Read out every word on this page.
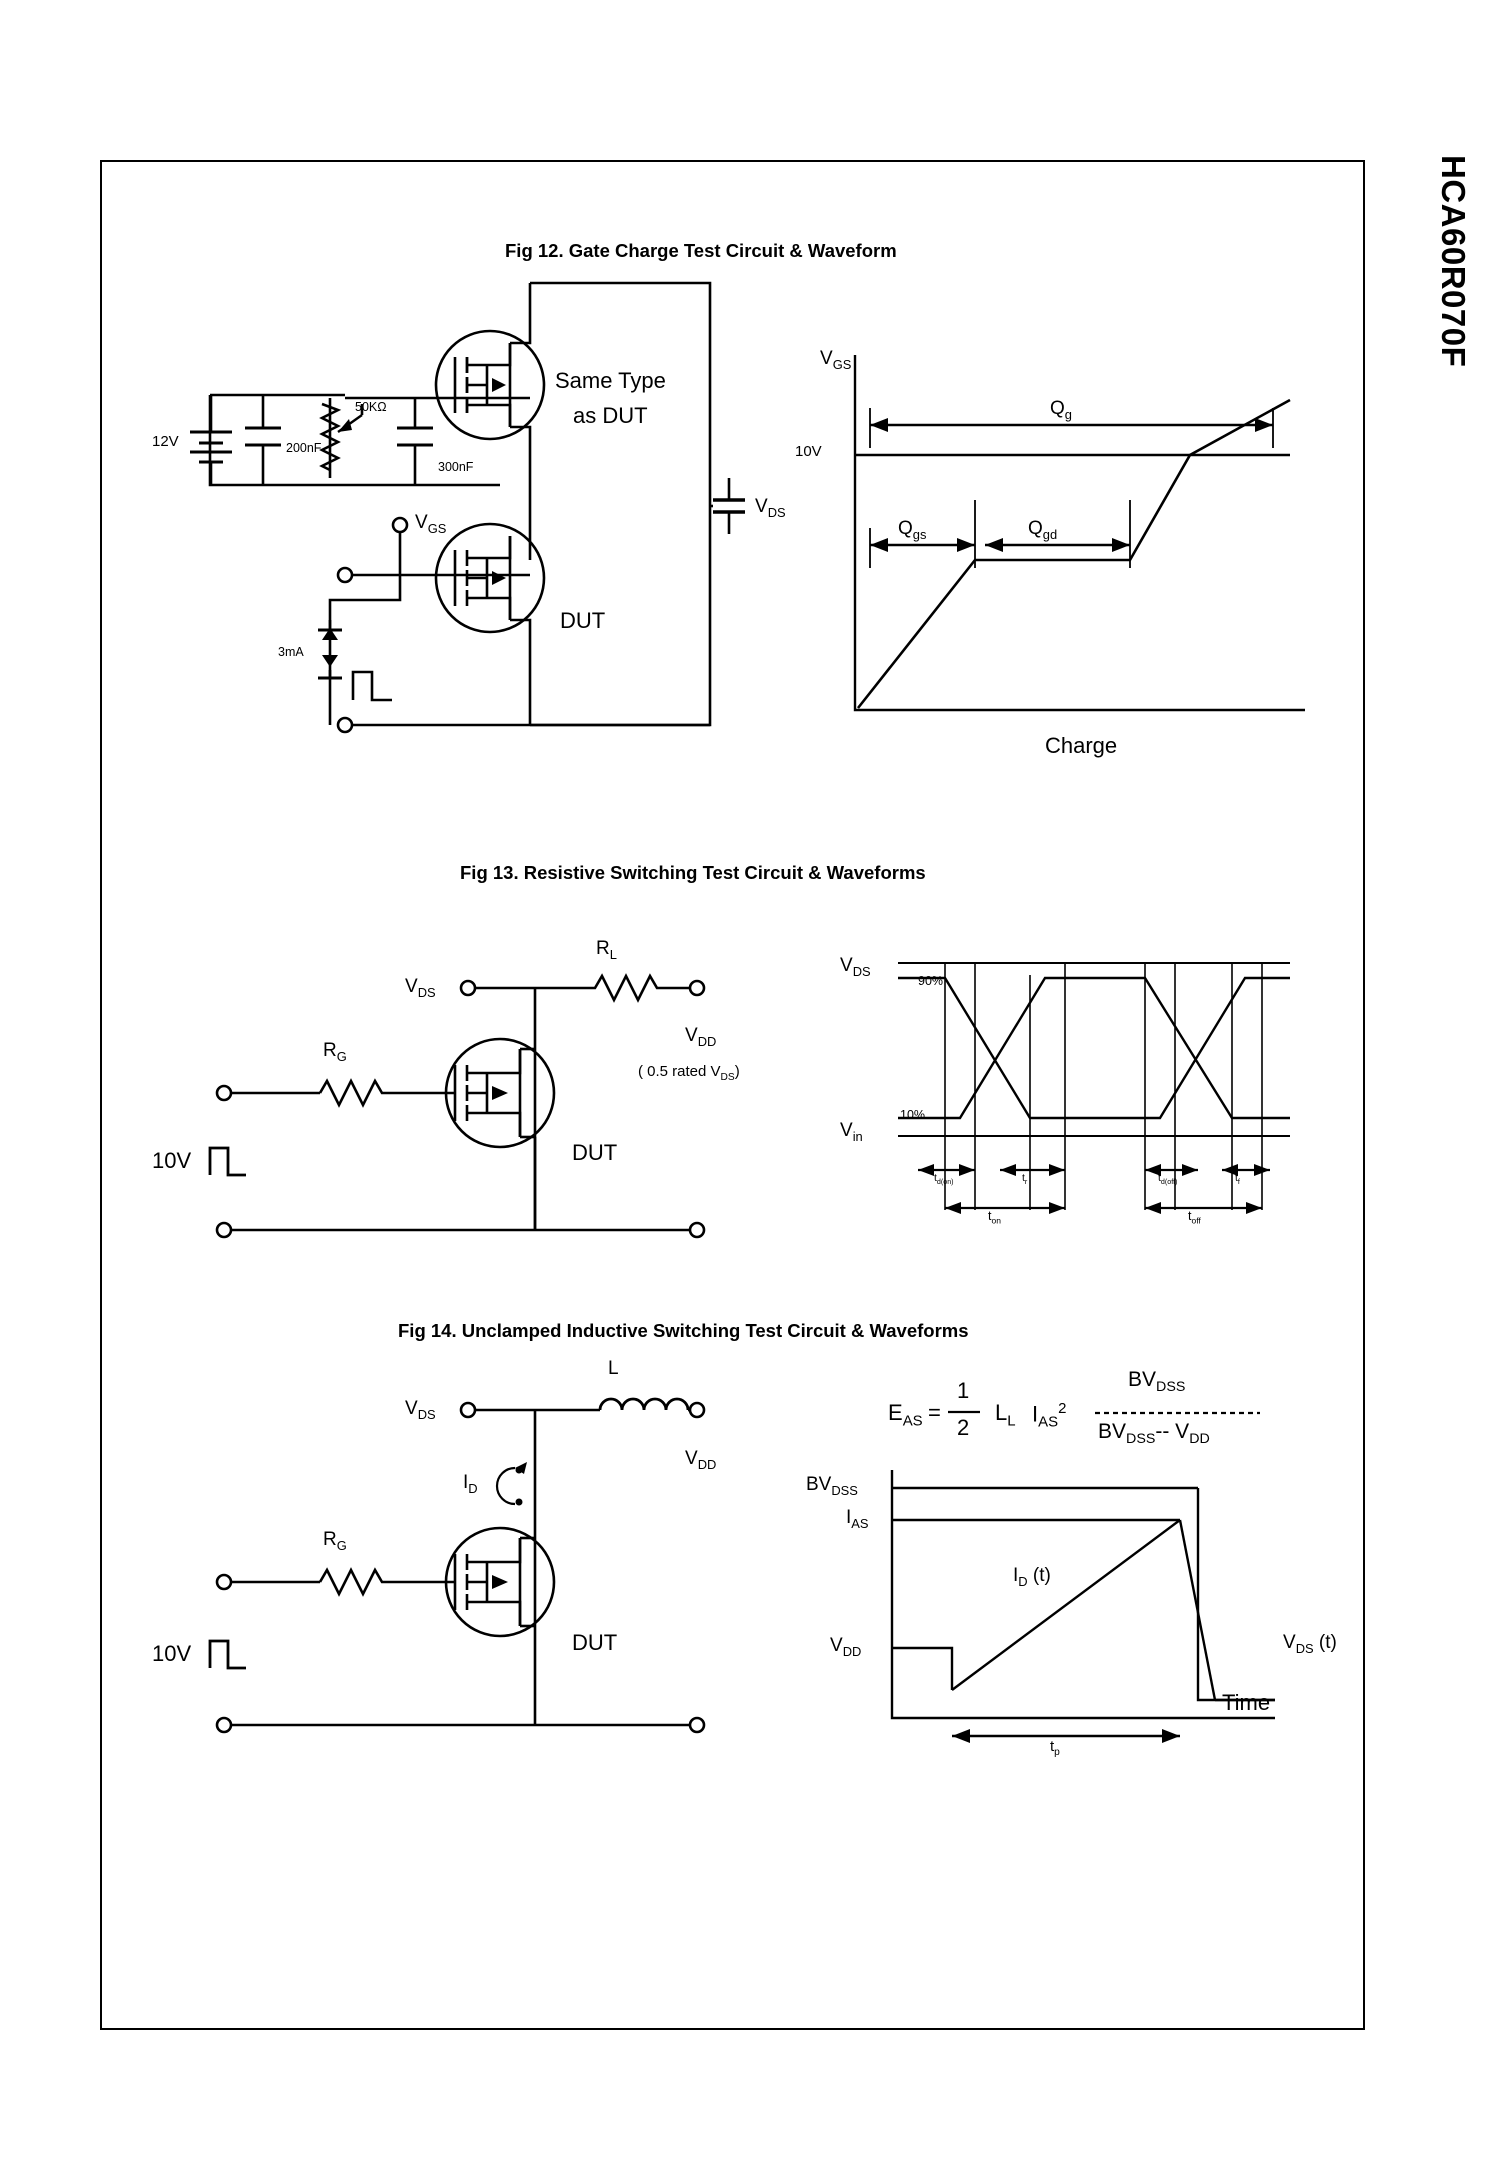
HCA60R070F
Fig 12. Gate Charge Test Circuit & Waveform
12V	200nF
50KΩ
300nF
Same Type
as DUT
$V_{DS}$
$V_{GS}$
DUT
3mA
$V_{GS}$
10V
$Q_g$
$Q_{gs}$	$Q_{gd}$
Charge
Fig 13. Resistive Switching Test Circuit & Waveforms
$V_{DS}$
$R_L$
$V_{DD}$
( 0.5 rated $V_{DS}$)
$R_G$
10V	DUT
$V_{DS}$
$V_{in}$
90%
10%
$t_{d(on)}$	$t_r$	$t_{d(off)}$	$t_f$
$t_{on}$	$t_{off}$
Fig 14. Unclamped Inductive Switching Test Circuit & Waveforms
$V_{DS}$
L
$V_{DD}$
$I_D$
$R_G$
10V	DUT
$E_{AS}$ =
1
2
$L_L$ $I_{AS}^2$
$BV_{DSS}$
$BV_{DSS}--$ $V_{DD}$
$BV_{DSS}$
$I_{AS}$
$V_{DD}$
$I_D$ (t)
$V_{DS}$ (t)
$t_p$
Time
